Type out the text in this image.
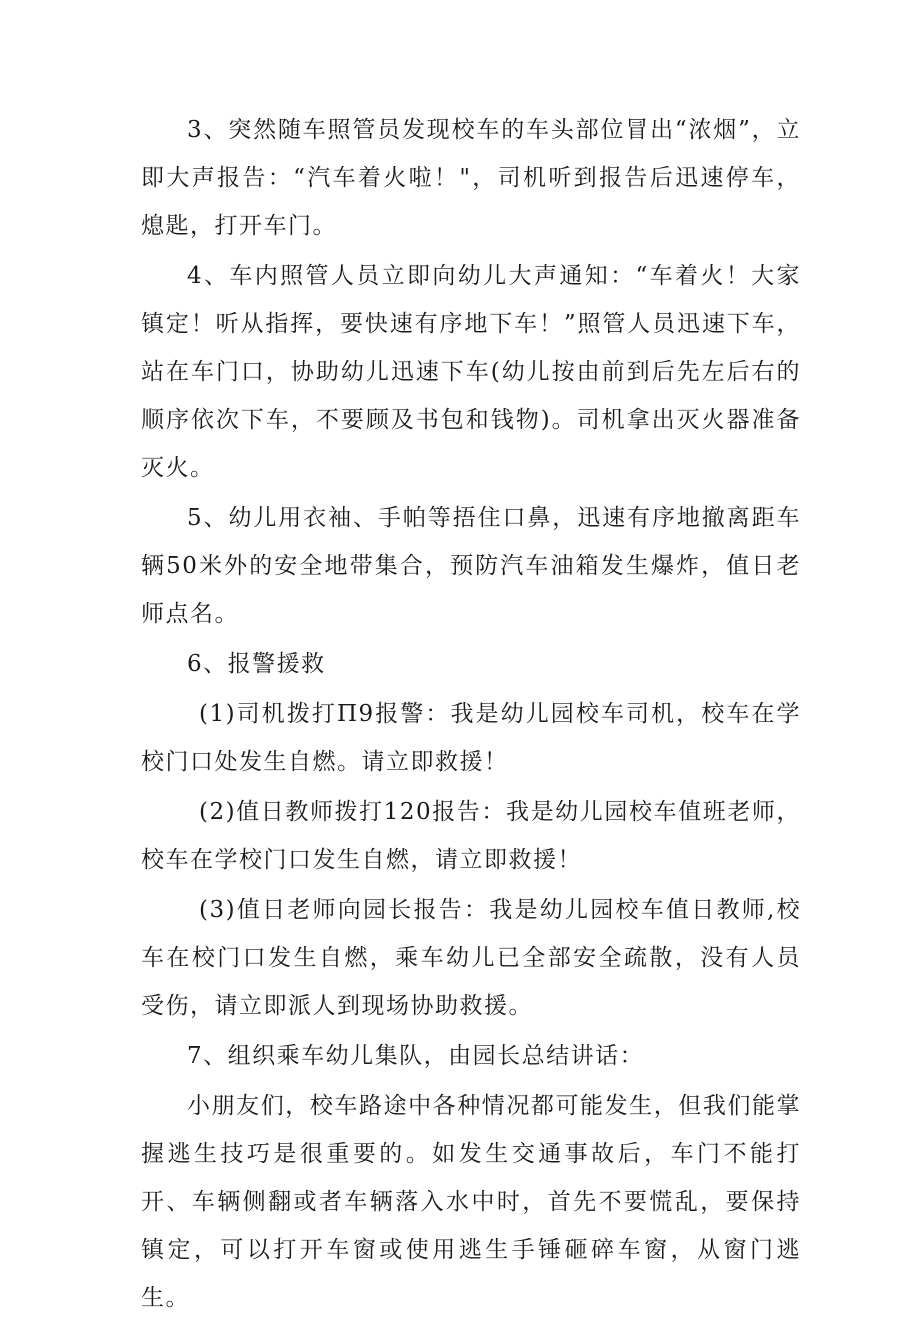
3、突然随车照管员发现校车的车头部位冒出“浓烟”，立即大声报告：“汽车着火啦！"，司机听到报告后迅速停车，熄匙，打开车门。

4、车内照管人员立即向幼儿大声通知：“车着火！大家镇定！听从指挥，要快速有序地下车！”照管人员迅速下车，站在车门口，协助幼儿迅速下车(幼儿按由前到后先左后右的顺序依次下车，不要顾及书包和钱物)。司机拿出灭火器准备灭火。

5、幼儿用衣袖、手帕等捂住口鼻，迅速有序地撤离距车辆50米外的安全地带集合，预防汽车油箱发生爆炸，值日老师点名。

6、报警援救

(1)司机拨打Π9报警：我是幼儿园校车司机，校车在学校门口处发生自燃。请立即救援！

(2)值日教师拨打120报告：我是幼儿园校车值班老师，校车在学校门口发生自燃，请立即救援！

(3)值日老师向园长报告：我是幼儿园校车值日教师,校车在校门口发生自燃，乘车幼儿已全部安全疏散，没有人员受伤，请立即派人到现场协助救援。

7、组织乘车幼儿集队，由园长总结讲话：

小朋友们，校车路途中各种情况都可能发生，但我们能掌握逃生技巧是很重要的。如发生交通事故后，车门不能打开、车辆侧翻或者车辆落入水中时，首先不要慌乱，要保持镇定，可以打开车窗或使用逃生手锤砸碎车窗，从窗门逃生。
